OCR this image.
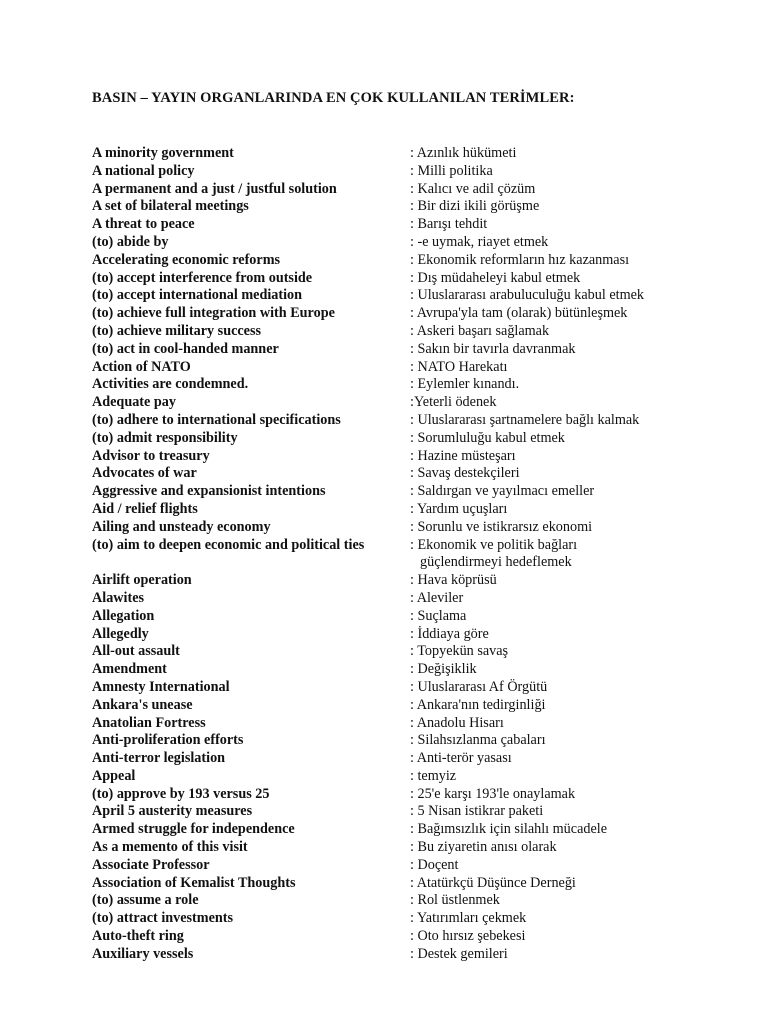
BASIN – YAYIN ORGANLARINDA EN ÇOK KULLANILAN TERİMLER:
A minority government	: Azınlık hükümeti
A national policy	: Milli politika
A permanent and a just / justful solution	: Kalıcı ve adil çözüm
A set of bilateral meetings	: Bir dizi ikili görüşme
A threat to peace	: Barışı tehdit
(to) abide by	: -e uymak, riayet etmek
Accelerating economic reforms	: Ekonomik reformların hız kazanması
(to) accept interference from outside	: Dış müdaheleyi kabul etmek
(to) accept international mediation	: Uluslararası arabuluculuğu kabul etmek
(to) achieve full integration with Europe	: Avrupa'yla tam (olarak) bütünleşmek
(to) achieve military success	: Askeri başarı sağlamak
(to) act in cool-handed manner	: Sakın bir tavırla davranmak
Action of NATO	: NATO Harekatı
Activities are condemned.	: Eylemler kınandı.
Adequate pay	:Yeterli ödenek
(to) adhere to international specifications	: Uluslararası şartnamelere bağlı kalmak
(to) admit responsibility	: Sorumluluğu kabul etmek
Advisor to treasury	: Hazine müsteşarı
Advocates of war	: Savaş destekçileri
Aggressive and expansionist intentions	: Saldırgan ve yayılmacı emeller
Aid / relief flights	: Yardım uçuşları
Ailing and unsteady economy	: Sorunlu ve istikrarsız ekonomi
(to) aim to deepen economic and political ties	: Ekonomik ve politik bağları
güçlendirmeyi hedeflemek
Airlift operation	: Hava köprüsü
Alawites	: Aleviler
Allegation	: Suçlama
Allegedly	: İddiaya göre
All-out assault	: Topyekün savaş
Amendment	: Değişiklik
Amnesty International	: Uluslararası Af Örgütü
Ankara's unease	: Ankara'nın tedirginliği
Anatolian Fortress	: Anadolu Hisarı
Anti-proliferation efforts	: Silahsızlanma çabaları
Anti-terror legislation	: Anti-terör yasası
Appeal	: temyiz
(to) approve by 193 versus 25	: 25'e karşı 193'le onaylamak
April 5 austerity measures	: 5 Nisan istikrar paketi
Armed struggle for independence	: Bağımsızlık için silahlı mücadele
As a memento of this visit	: Bu ziyaretin anısı olarak
Associate Professor	: Doçent
Association of Kemalist Thoughts	: Atatürkçü Düşünce Derneği
(to) assume a role	: Rol üstlenmek
(to) attract investments	: Yatırımları çekmek
Auto-theft ring	: Oto hırsız şebekesi
Auxiliary vessels	: Destek gemileri
